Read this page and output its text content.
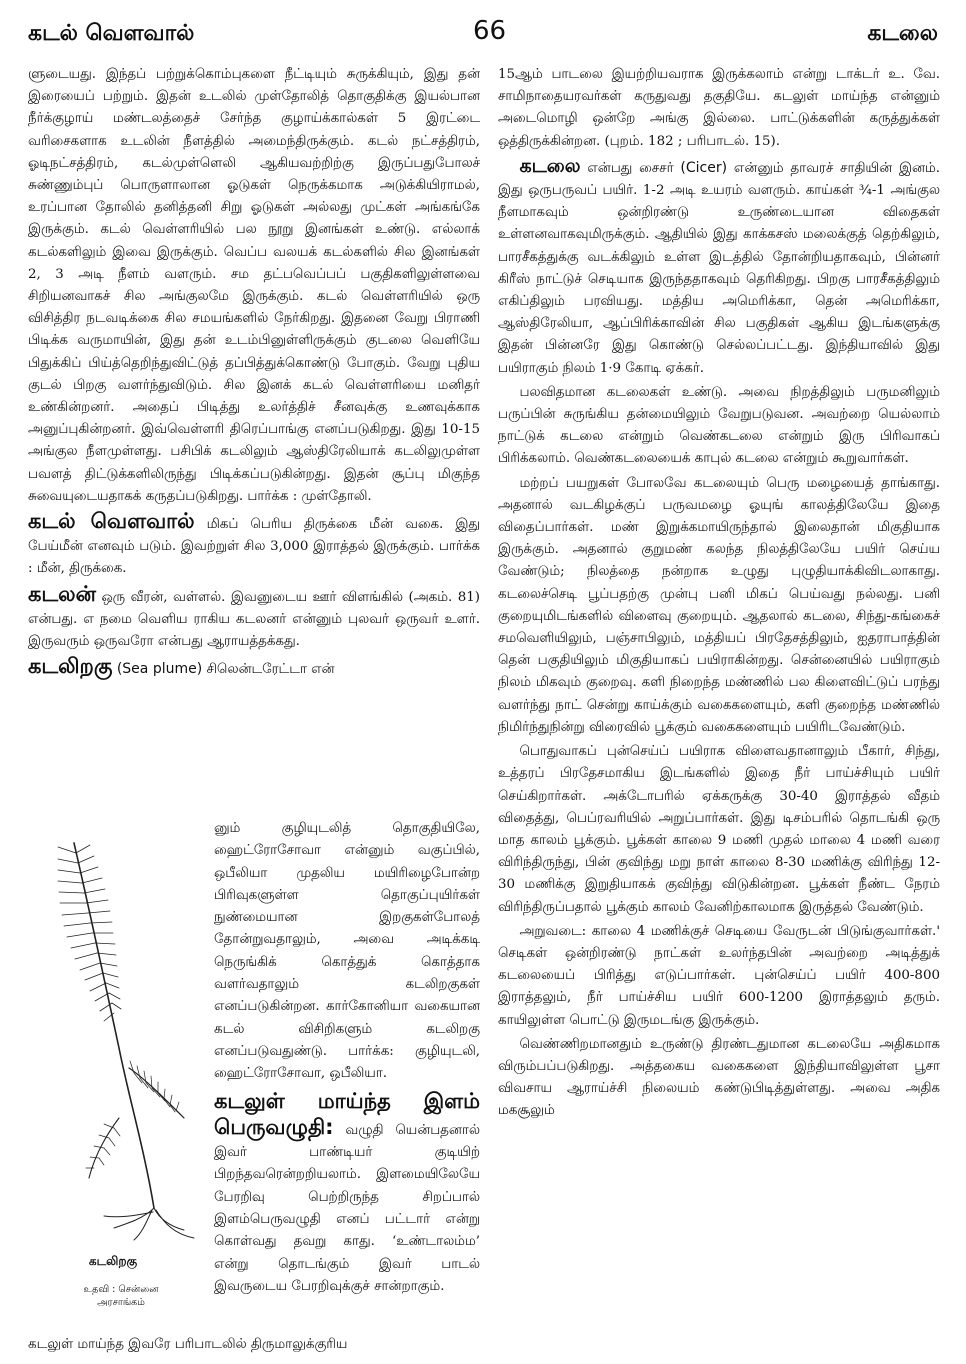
கடல் வெளவால்	66	கடலை

ளுடையது. இந்தப் பற்றுக்கொம்புகளை நீட்டியும் சுருக்கியும், இது தன் இரையைப் பற்றும். இதன் உடலில் முள்தோலித் தொகுதிக்கு இயல்பான நீர்க்குழாய் மண்டலத்தைச் சேர்ந்த குழாய்க்கால்கள் 5 இரட்டை வரிசைகளாக உடலின் நீளத்தில் அமைந்திருக்கும். கடல் நட்சத்திரம், ஓடிநட்சத்திரம், கடல்முள்ளெலி ஆகியவற்றிற்கு இருப்பதுபோலச் சுண்ணும்புப் பொருளாலான ஓடுகள் நெருக்கமாக அடுக்கியிராமல், உரப்பான தோலில் தனித்தனி சிறு ஓடுகள் அல்லது முட்கள் அங்கங்கே இருக்கும். கடல் வெள்ளரியில் பல நூறு இனங்கள் உண்டு. எல்லாக் கடல்களிலும் இவை இருக்கும். வெப்ப வலயக் கடல்களில் சில இனங்கள் 2, 3 அடி நீளம் வளரும். சம தட்பவெப்பப் பகுதிகளிலுள்ளவை சிறியனவாகச் சில அங்குலமே இருக்கும். கடல் வெள்ளரியில் ஒரு விசித்திர நடவடிக்கை சில சமயங்களில் நேர்கிறது. இதனை வேறு பிராணி பிடிக்க வருமாயின், இது தன் உடம்பினுள்ளிருக்கும் குடலை வெளியே பிதுக்கிப் பிய்த்தெறிந்துவிட்டுத் தப்பித்துக்கொண்டு போகும். வேறு புதிய குடல் பிறகு வளர்ந்துவிடும். சில இனக் கடல் வெள்ளரியை மனிதர் உண்கின்றனர். அதைப் பிடித்து உலர்த்திச் சீனவுக்கு உணவுக்காக அனுப்புகின்றனர். இவ்வெள்ளரி திரெப்பாங்கு எனப்படுகிறது. இது 10-15 அங்குல நீளமுள்ளது. பசிபிக் கடலிலும் ஆஸ்திரேலியாக் கடலிலுமுள்ள பவளத் திட்டுக்களிலிருந்து பிடிக்கப்படுகின்றது. இதன் சூப்பு மிகுந்த சுவையுடையதாகக் கருதப்படுகிறது. பார்க்க : முள்தோலி.

கடல் வெளவால் மிகப் பெரிய திருக்கை மீன் வகை. இது பேய்மீன் எனவும் படும். இவற்றுள் சில 3,000 இராத்தல் இருக்கும். பார்க்க : மீன், திருக்கை.

கடலன் ஒரு வீரன், வள்ளல். இவனுடைய ஊர் விளங்கில் (அகம். 81) என்பது. எ நமை வெளிய ராகிய கடலனர் என்னும் புலவர் ஒருவர் உளர். இருவரும் ஒருவரோ என்பது ஆராயத்தக்கது.

கடலிறகு (Sea plume) சிலென்டரேட்டா என்

கடலிறகு
உதவி : சென்னை
அரசாங்கம்

னும் குழியுடலித் தொகுதியிலே, ஹைட்ரோசோவா என்னும் வகுப்பில், ஒபீலியா முதலிய மயிரிழைபோன்ற பிரிவுகளுள்ள தொகுப்புயிர்கள் நுண்மையான இறகுகள்போலத் தோன்றுவதாலும், அவை அடிக்கடி நெருங்கிக் கொத்துக் கொத்தாக வளர்வதாலும் கடலிறகுகள் எனப்படுகின்றன. கார்கோனியா வகையான கடல் விசிறிகளும் கடலிறகு எனப்படுவதுண்டு. பார்க்க: குழியுடலி, ஹைட்ரோசோவா, ஒபீலியா.

கடலுள் மாய்ந்த இளம் பெருவழுதி: வழுதி யென்பதனால் இவர் பாண்டியர் குடியிற் பிறந்தவரென்றறியலாம். இளமையிலேயே பேரறிவு பெற்றிருந்த சிறப்பால் இளம்பெருவழுதி எனப் பட்டார் என்று கொள்வது தவறு காது. ‘உண்டாலம்ம’ என்று தொடங்கும் இவர் பாடல் இவருடைய பேரறிவுக்குச் சான்றாகும்.

கடலுள் மாய்ந்த இவரே பரிபாடலில் திருமாலுக்குரிய

15ஆம் பாடலை இயற்றியவராக இருக்கலாம் என்று டாக்டர் உ. வே. சாமிநாதையரவர்கள் கருதுவது தகுதியே. கடலுள் மாய்ந்த என்னும் அடைமொழி ஒன்றே அங்கு இல்லை. பாட்டுக்களின் கருத்துக்கள் ஒத்திருக்கின்றன. (புறம். 182 ; பரிபாடல். 15).

கடலை என்பது சைசர் (Cicer) என்னும் தாவரச் சாதியின் இனம். இது ஒருபருவப் பயிர். 1-2 அடி உயரம் வளரும். காய்கள் ¾-1 அங்குல நீளமாகவும் ஒன்றிரண்டு உருண்டையான விதைகள் உள்ளனவாகவுமிருக்கும். ஆதியில் இது காக்கசஸ் மலைக்குத் தெற்கிலும், பாரசீகத்துக்கு வடக்கிலும் உள்ள இடத்தில் தோன்றியதாகவும், பின்னர் கிரீஸ் நாட்டுச் செடியாக இருந்ததாகவும் தெரிகிறது. பிறகு பாரசீகத்திலும் எகிப்திலும் பரவியது. மத்திய அமெரிக்கா, தென் அமெரிக்கா, ஆஸ்திரேலியா, ஆப்பிரிக்காவின் சில பகுதிகள் ஆகிய இடங்களுக்கு இதன் பின்னரே இது கொண்டு செல்லப்பட்டது. இந்தியாவில் இது பயிராகும் நிலம் 1·9 கோடி ஏக்கர்.

பலவிதமான கடலைகள் உண்டு. அவை நிறத்திலும் பருமனிலும் பருப்பின் சுருங்கிய தன்மையிலும் வேறுபடுவன. அவற்றை யெல்லாம் நாட்டுக் கடலை என்றும் வெண்கடலை என்றும் இரு பிரிவாகப் பிரிக்கலாம். வெண்கடலையைக் காபுல் கடலை என்றும் கூறுவார்கள்.

மற்றப் பயறுகள் போலவே கடலையும் பெரு மழையைத் தாங்காது. அதனால் வடகிழக்குப் பருவமழை ஓயுங் காலத்திலேயே இதை விதைப்பார்கள். மண் இறுக்கமாயிருந்தால் இலைதான் மிகுதியாக இருக்கும். அதனால் குறுமண் கலந்த நிலத்திலேயே பயிர் செய்ய வேண்டும்; நிலத்தை நன்றாக உழுது புழுதியாக்கிவிடலாகாது. கடலைச்செடி பூப்பதற்கு முன்பு பனி மிகப் பெய்வது நல்லது. பனி குறையுமிடங்களில் விளைவு குறையும். ஆதலால் கடலை, சிந்து-கங்கைச் சமவெளியிலும், பஞ்சாபிலும், மத்தியப் பிரதேசத்திலும், ஐதராபாத்தின் தென் பகுதியிலும் மிகுதியாகப் பயிராகின்றது. சென்னையில் பயிராகும் நிலம் மிகவும் குறைவு. களி நிறைந்த மண்ணில் பல கிளைவிட்டுப் பரந்து வளர்ந்து நாட் சென்று காய்க்கும் வகைகளையும், களி குறைந்த மண்ணில் நிமிர்ந்துநின்று விரைவில் பூக்கும் வகைகளையும் பயிரிடவேண்டும்.

பொதுவாகப் புன்செய்ப் பயிராக விளைவதானாலும் பீகார், சிந்து, உத்தரப் பிரதேசமாகிய இடங்களில் இதை நீர் பாய்ச்சியும் பயிர் செய்கிறார்கள். அக்டோபரில் ஏக்கருக்கு 30-40 இராத்தல் வீதம் விதைத்து, பெப்ரவரியில் அறுப்பார்கள். இது டிசம்பரில் தொடங்கி ஒரு மாத காலம் பூக்கும். பூக்கள் காலை 9 மணி முதல் மாலை 4 மணி வரை விரிந்திருந்து, பின் குவிந்து மறு நாள் காலை 8-30 மணிக்கு விரிந்து 12-30 மணிக்கு இறுதியாகக் குவிந்து விடுகின்றன. பூக்கள் நீண்ட நேரம் விரிந்திருப்பதால் பூக்கும் காலம் வேனிற்காலமாக இருத்தல் வேண்டும்.

அறுவடை: காலை 4 மணிக்குச் செடியை வேருடன் பிடுங்குவார்கள்.' செடிகள் ஒன்றிரண்டு நாட்கள் உலர்ந்தபின் அவற்றை அடித்துக் கடலையைப் பிரித்து எடுப்பார்கள். புன்செய்ப் பயிர் 400-800 இராத்தலும், நீர் பாய்ச்சிய பயிர் 600-1200 இராத்தலும் தரும். காயிலுள்ள பொட்டு இருமடங்கு இருக்கும்.

வெண்ணிறமானதும் உருண்டு திரண்டதுமான கடலையே அதிகமாக விரும்பப்படுகிறது. அத்தகைய வகைகளை இந்தியாவிலுள்ள பூசா விவசாய ஆராய்ச்சி நிலையம் கண்டுபிடித்துள்ளது. அவை அதிக மகசூலும்
